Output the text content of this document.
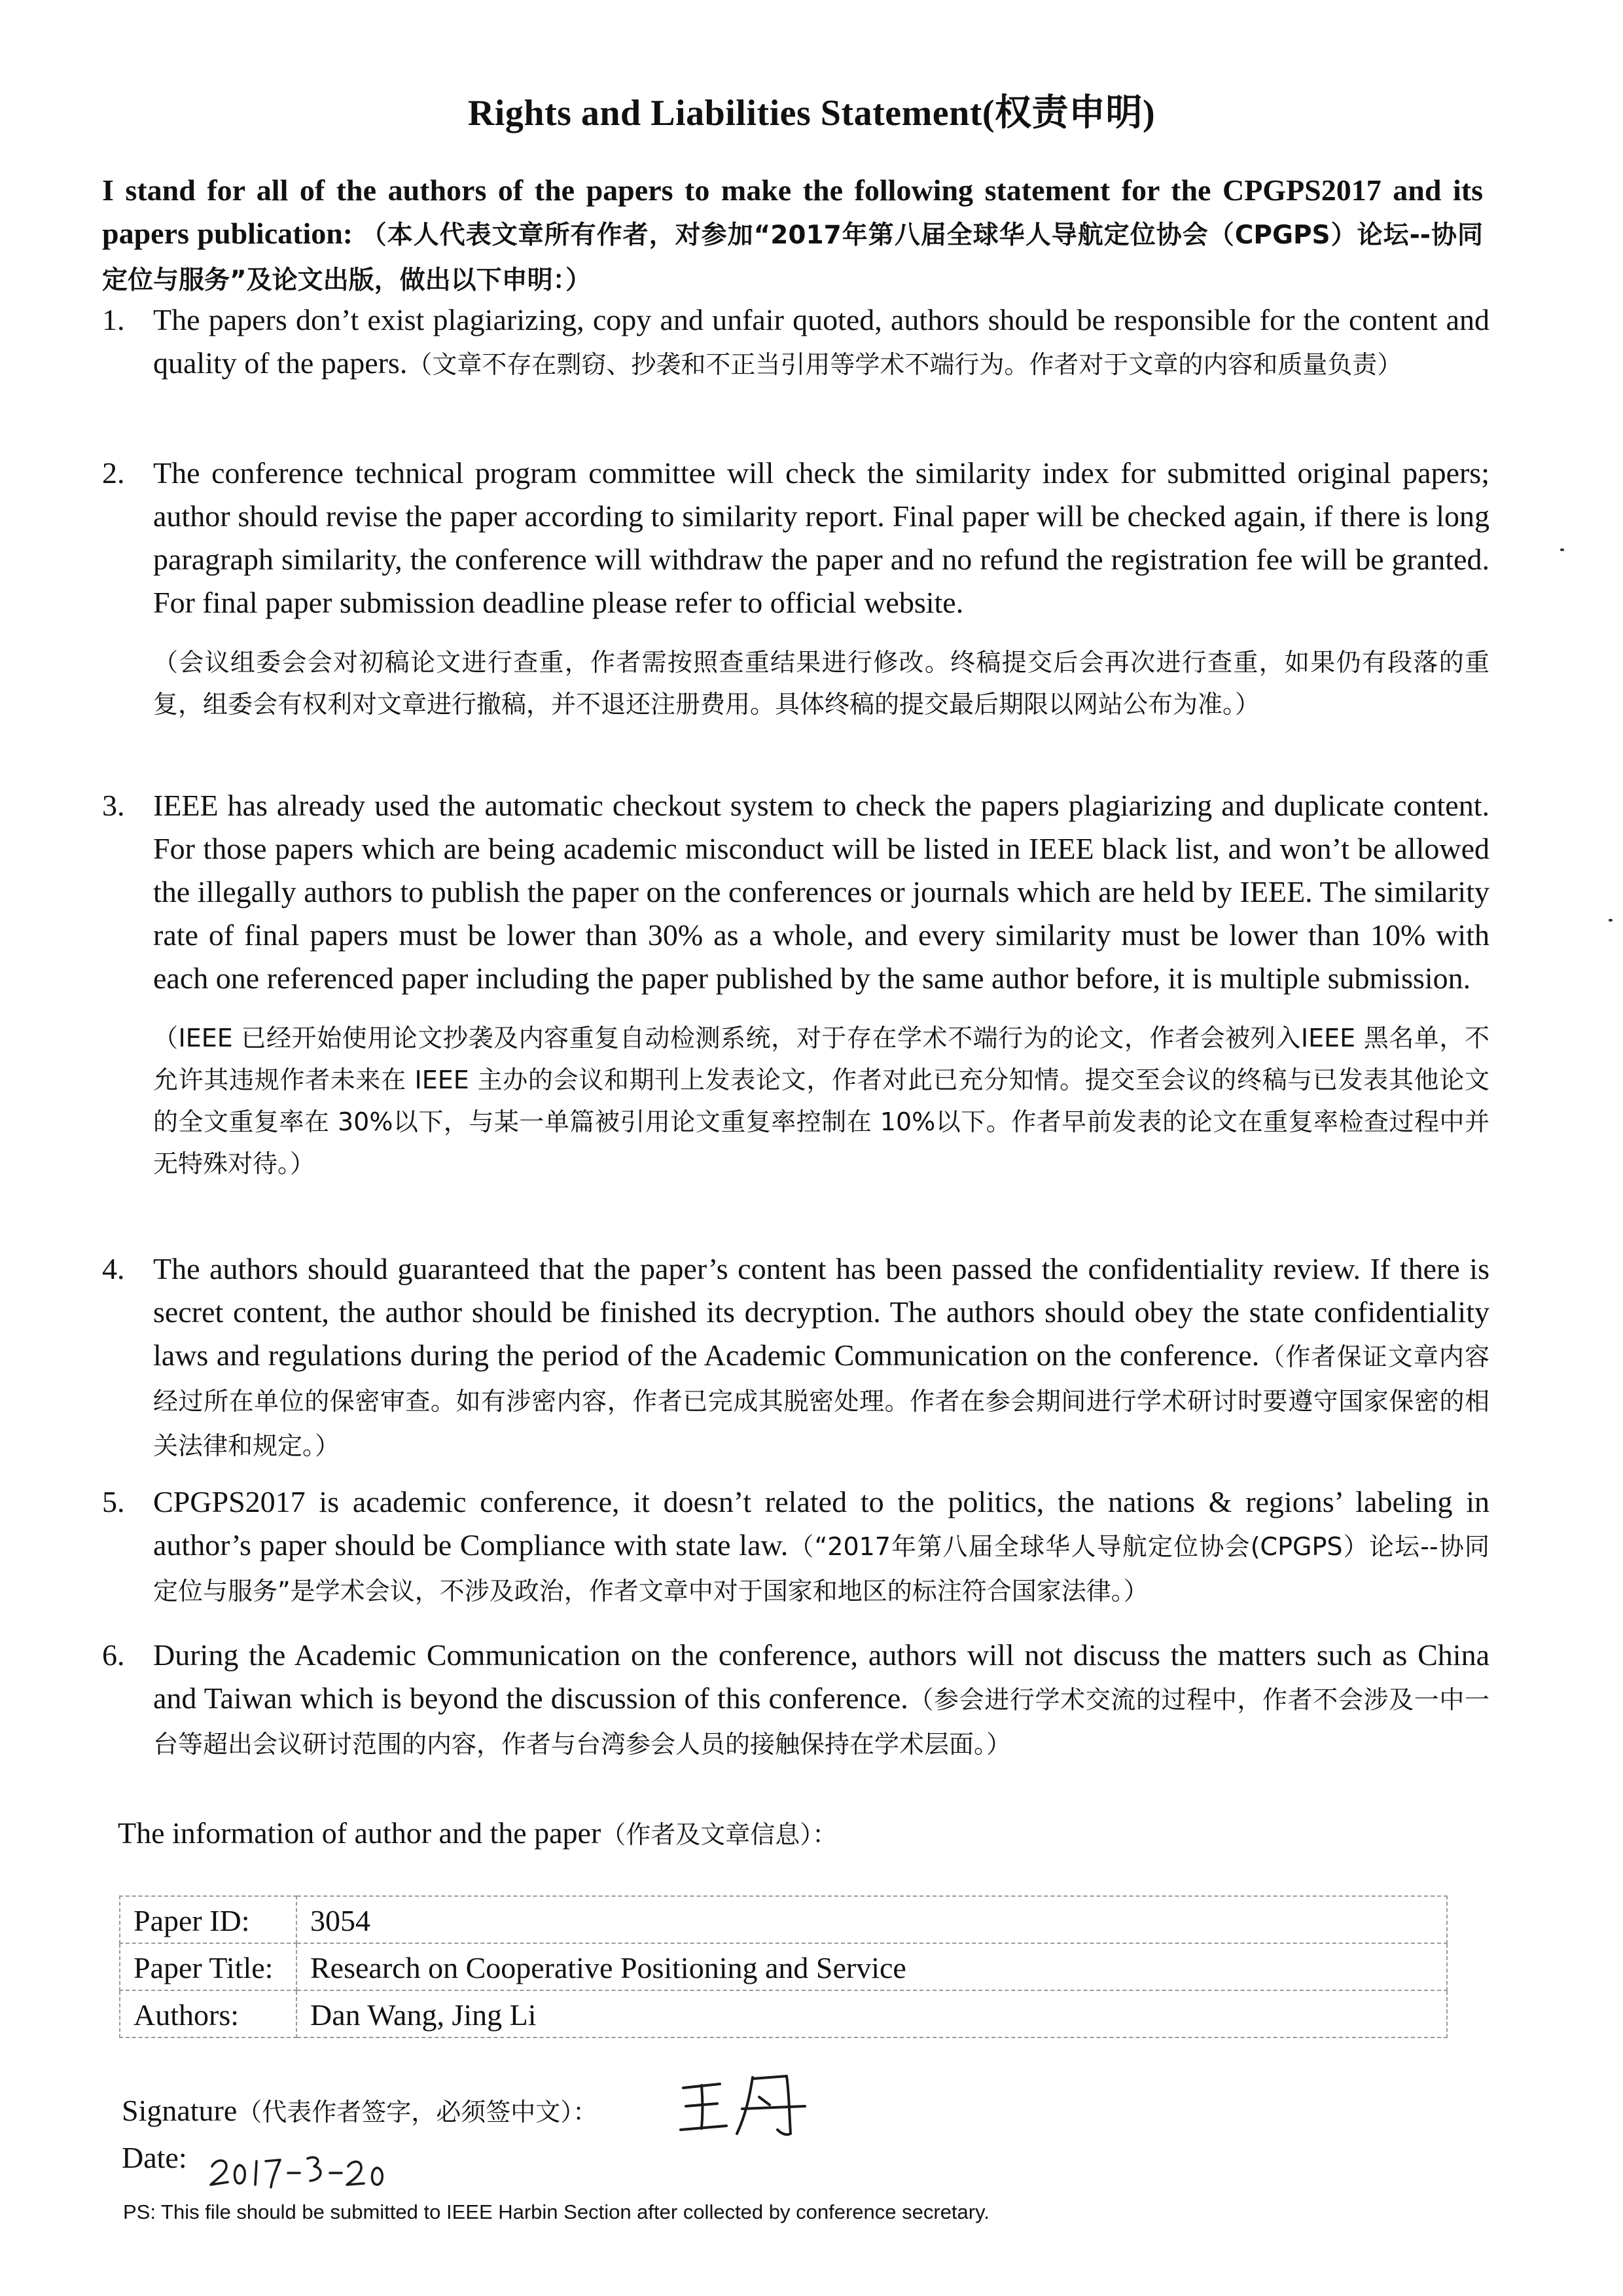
Rights and Liabilities Statement(权责申明)
I stand for all of the authors of the papers to make the following statement for the CPGPS2017 and its papers publication: （本人代表文章所有作者，对参加“2017年第八届全球华人导航定位协会（CPGPS）论坛--协同定位与服务”及论文出版，做出以下申明：）
1. The papers don’t exist plagiarizing, copy and unfair quoted, authors should be responsible for the content and quality of the papers.（文章不存在剽窃、抄袭和不正当引用等学术不端行为。作者对于文章的内容和质量负责）
2. The conference technical program committee will check the similarity index for submitted original papers; author should revise the paper according to similarity report. Final paper will be checked again, if there is long paragraph similarity, the conference will withdraw the paper and no refund the registration fee will be granted. For final paper submission deadline please refer to official website.
（会议组委会会对初稿论文进行查重，作者需按照查重结果进行修改。终稿提交后会再次进行查重，如果仍有段落的重复，组委会有权利对文章进行撤稿，并不退还注册费用。具体终稿的提交最后期限以网站公布为准。）
3. IEEE has already used the automatic checkout system to check the papers plagiarizing and duplicate content. For those papers which are being academic misconduct will be listed in IEEE black list, and won’t be allowed the illegally authors to publish the paper on the conferences or journals which are held by IEEE. The similarity rate of final papers must be lower than 30% as a whole, and every similarity must be lower than 10% with each one referenced paper including the paper published by the same author before, it is multiple submission.
（IEEE 已经开始使用论文抄袭及内容重复自动检测系统，对于存在学术不端行为的论文，作者会被列入IEEE 黑名单，不允许其违规作者未来在 IEEE 主办的会议和期刊上发表论文，作者对此已充分知情。提交至会议的终稿与已发表其他论文的全文重复率在 30%以下，与某一单篇被引用论文重复率控制在 10%以下。作者早前发表的论文在重复率检查过程中并无特殊对待。）
4. The authors should guaranteed that the paper’s content has been passed the confidentiality review. If there is secret content, the author should be finished its decryption. The authors should obey the state confidentiality laws and regulations during the period of the Academic Communication on the conference.（作者保证文章内容经过所在单位的保密审查。如有涉密内容，作者已完成其脱密处理。作者在参会期间进行学术研讨时要遵守国家保密的相关法律和规定。）
5. CPGPS2017 is academic conference, it doesn’t related to the politics, the nations & regions’ labeling in author’s paper should be Compliance with state law.（“2017年第八届全球华人导航定位协会(CPGPS）论坛--协同定位与服务”是学术会议，不涉及政治，作者文章中对于国家和地区的标注符合国家法律。）
6. During the Academic Communication on the conference, authors will not discuss the matters such as China and Taiwan which is beyond the discussion of this conference.（参会进行学术交流的过程中，作者不会涉及一中一台等超出会议研讨范围的内容，作者与台湾参会人员的接触保持在学术层面。）
The information of author and the paper（作者及文章信息）：
Paper ID:	3054
Paper Title:	Research on Cooperative Positioning and Service
Authors:	Dan Wang, Jing Li
Signature（代表作者签字，必须签中文）：
Date:
PS: This file should be submitted to IEEE Harbin Section after collected by conference secretary.
